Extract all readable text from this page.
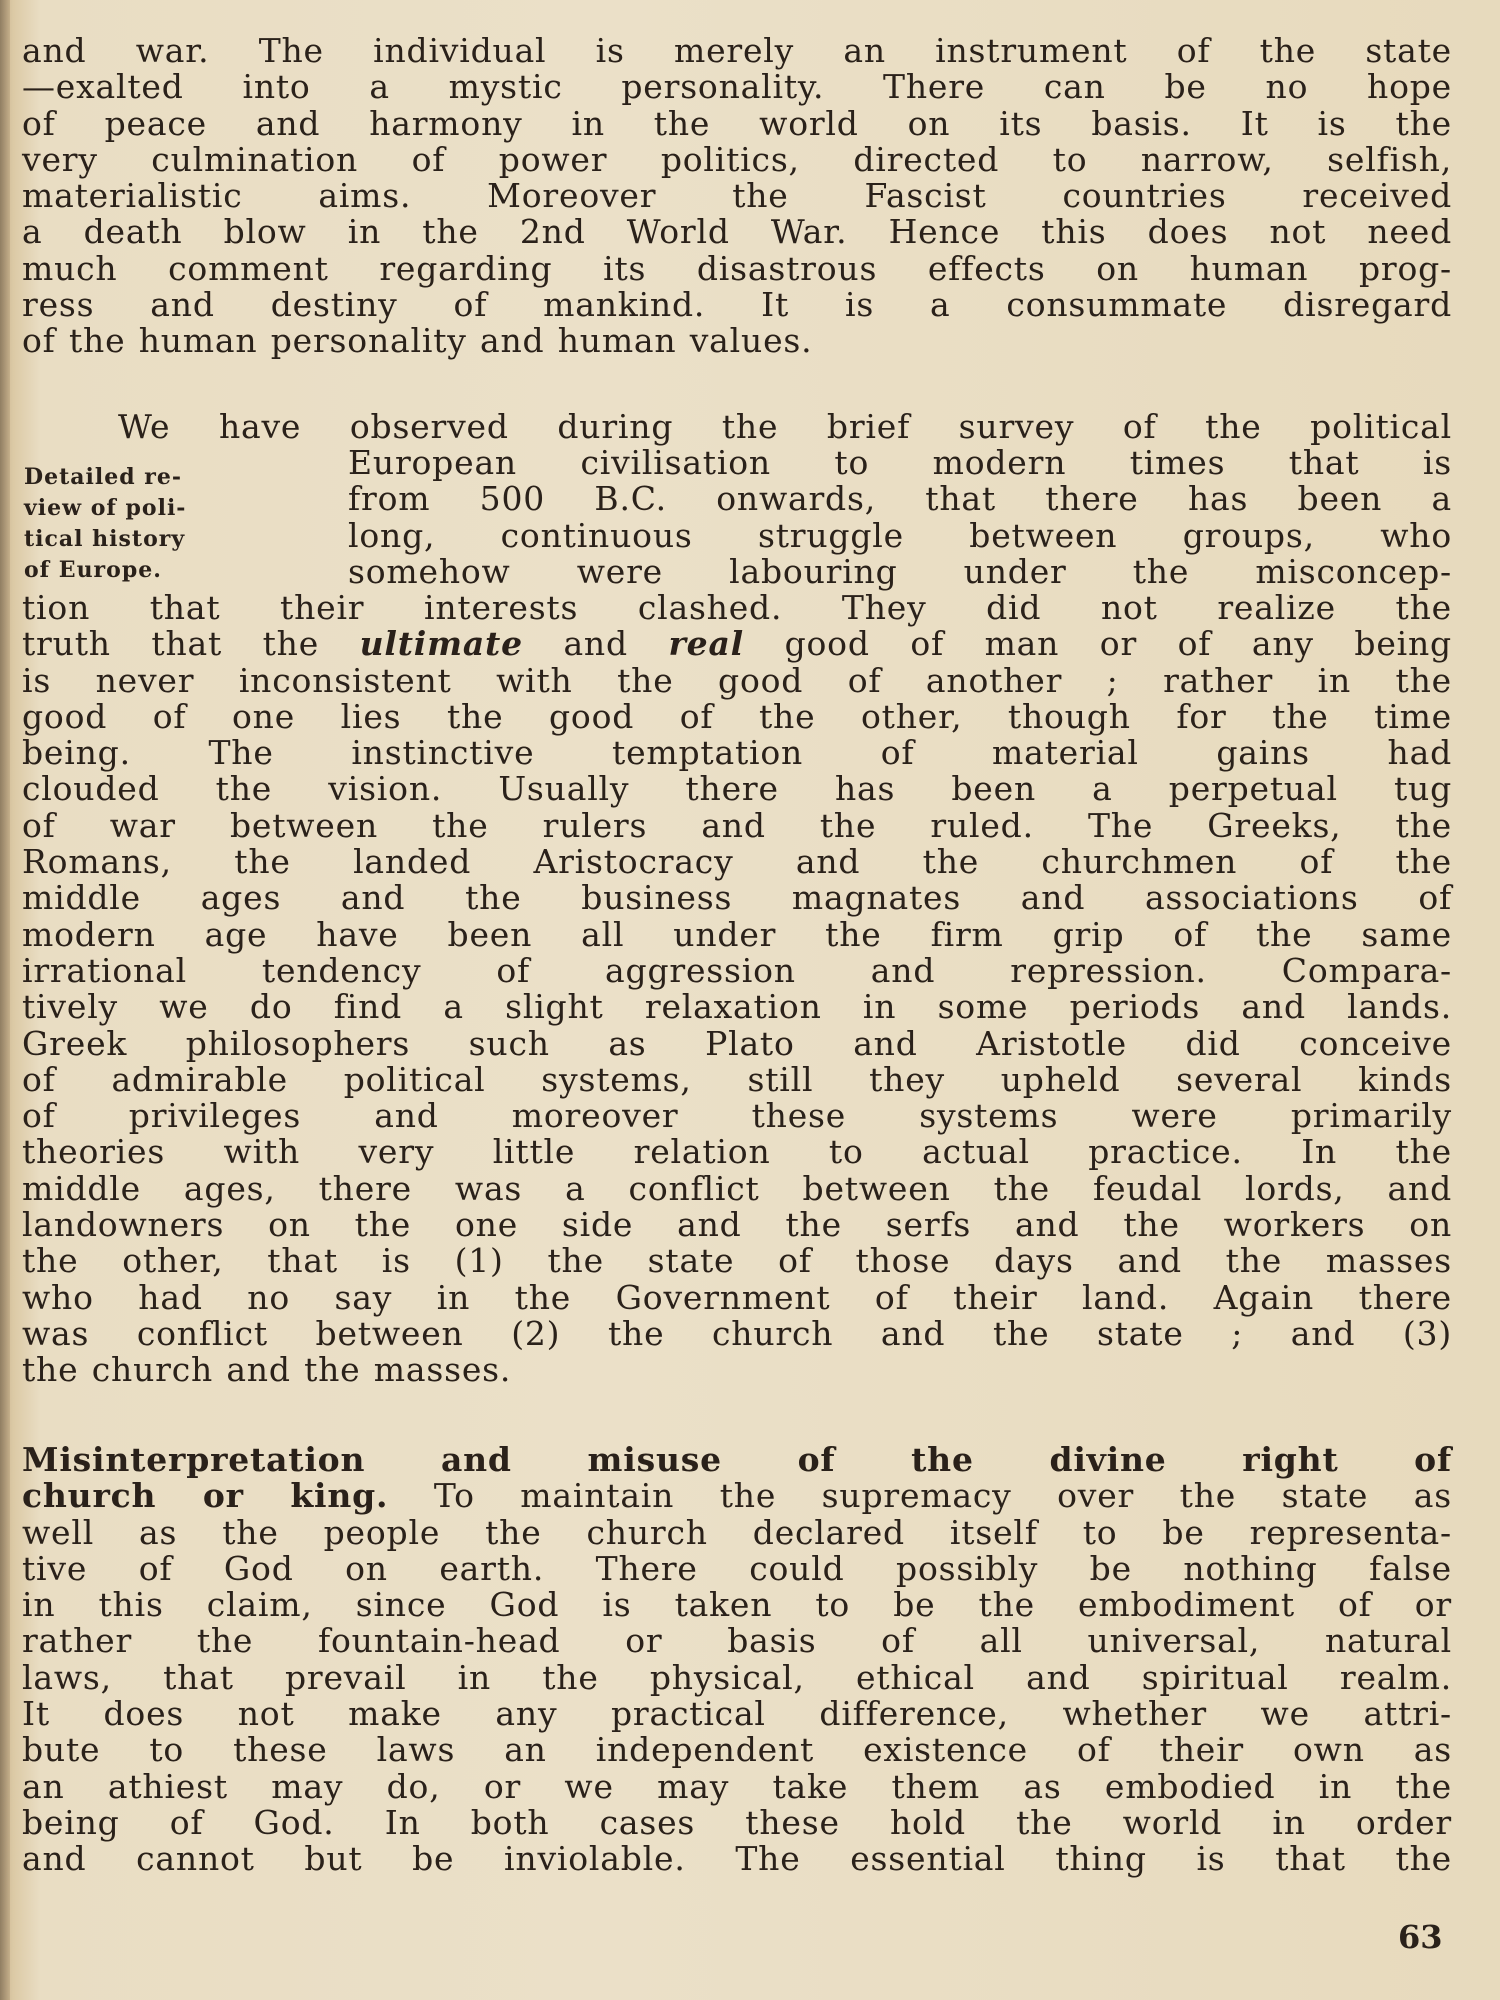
and war. The individual is merely an instrument of the state
—exalted into a mystic personality. There can be no hope
of peace and harmony in the world on its basis. It is the
very culmination of power politics, directed to narrow, selfish,
materialistic aims. Moreover the Fascist countries received
a death blow in the 2nd World War. Hence this does not need
much comment regarding its disastrous effects on human prog-
ress and destiny of mankind. It is a consummate disregard
of the human personality and human values.
We have observed during the brief survey of the political
Detailed re-
view of poli-
tical history
of Europe.
European civilisation to modern times that is
from 500 B.C. onwards, that there has been a
long, continuous struggle between groups, who
somehow were labouring under the misconcep-
tion that their interests clashed. They did not realize the
truth that the ultimate and real good of man or of any being
is never inconsistent with the good of another ; rather in the
good of one lies the good of the other, though for the time
being. The instinctive temptation of material gains had
clouded the vision. Usually there has been a perpetual tug
of war between the rulers and the ruled. The Greeks, the
Romans, the landed Aristocracy and the churchmen of the
middle ages and the business magnates and associations of
modern age have been all under the firm grip of the same
irrational tendency of aggression and repression. Compara-
tively we do find a slight relaxation in some periods and lands.
Greek philosophers such as Plato and Aristotle did conceive
of admirable political systems, still they upheld several kinds
of privileges and moreover these systems were primarily
theories with very little relation to actual practice. In the
middle ages, there was a conflict between the feudal lords, and
landowners on the one side and the serfs and the workers on
the other, that is (1) the state of those days and the masses
who had no say in the Government of their land. Again there
was conflict between (2) the church and the state ; and (3)
the church and the masses.
Misinterpretation and misuse of the divine right of
church or king. To maintain the supremacy over the state as
well as the people the church declared itself to be representa-
tive of God on earth. There could possibly be nothing false
in this claim, since God is taken to be the embodiment of or
rather the fountain-head or basis of all universal, natural
laws, that prevail in the physical, ethical and spiritual realm.
It does not make any practical difference, whether we attri-
bute to these laws an independent existence of their own as
an athiest may do, or we may take them as embodied in the
being of God. In both cases these hold the world in order
and cannot but be inviolable. The essential thing is that the
63
